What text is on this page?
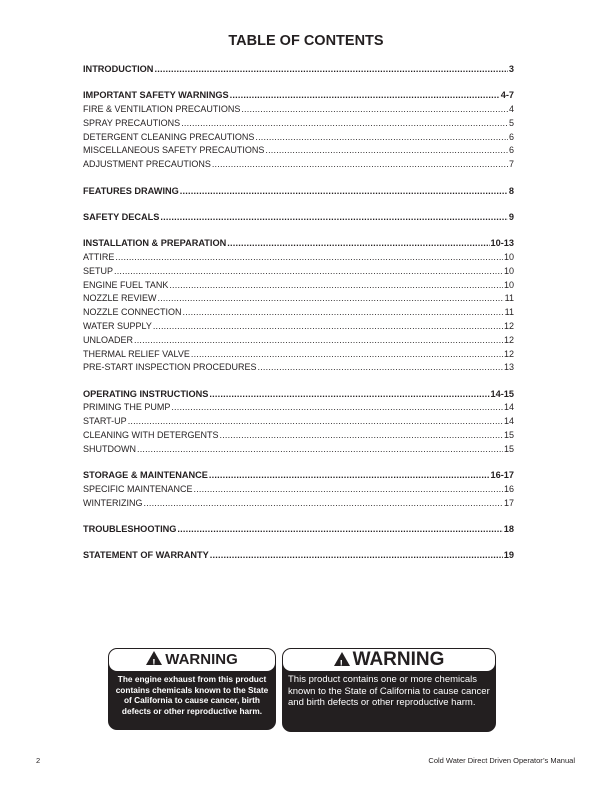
TABLE OF CONTENTS
INTRODUCTION .....	3
IMPORTANT SAFETY WARNINGS .....	4-7
FIRE & VENTILATION PRECAUTIONS .....	4
SPRAY PRECAUTIONS .....	5
DETERGENT CLEANING PRECAUTIONS .....	6
MISCELLANEOUS SAFETY PRECAUTIONS .....	6
ADJUSTMENT PRECAUTIONS .....	7
FEATURES DRAWING .....	8
SAFETY DECALS .....	9
INSTALLATION & PREPARATION .....	10-13
ATTIRE .....	10
SETUP .....	10
ENGINE FUEL TANK .....	10
NOZZLE REVIEW .....	11
NOZZLE CONNECTION .....	11
WATER SUPPLY .....	12
UNLOADER .....	12
THERMAL RELIEF VALVE .....	12
PRE-START INSPECTION PROCEDURES .....	13
OPERATING INSTRUCTIONS .....	14-15
PRIMING THE PUMP .....	14
START-UP .....	14
CLEANING WITH DETERGENTS .....	15
SHUTDOWN .....	15
STORAGE & MAINTENANCE .....	16-17
SPECIFIC MAINTENANCE .....	16
WINTERIZING .....	17
TROUBLESHOOTING .....	18
STATEMENT OF WARRANTY .....	19
!WARNING
The engine exhaust from this product contains chemicals known to the State of California to cause cancer, birth defects or other reproductive harm.
!WARNING
This product contains one or more chemicals known to the State of California to cause cancer and birth defects or other reproductive harm.
2	Cold Water Direct Driven Operator’s Manual
